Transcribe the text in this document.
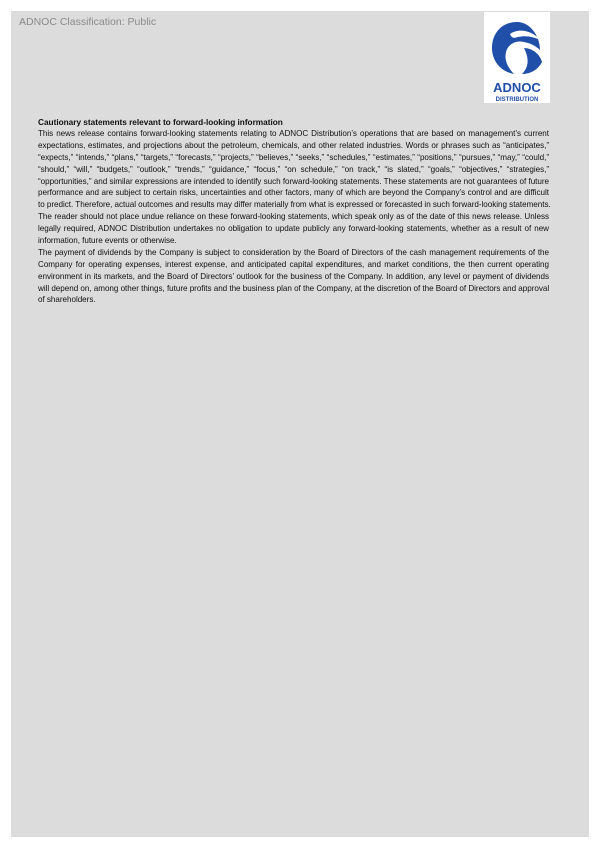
ADNOC Classification: Public
ADNOC
DISTRIBUTION
Cautionary statements relevant to forward-looking information
This news release contains forward-looking statements relating to ADNOC Distribution’s operations that are based on management’s current
expectations, estimates, and projections about the petroleum, chemicals, and other related industries. Words or phrases such as “anticipates,”
“expects,” “intends,” “plans,” “targets,” “forecasts,” “projects,” “believes,” “seeks,” “schedules,” “estimates,” “positions,” “pursues,” “may,” “could,”
“should,” “will,” “budgets,” “outlook,” “trends,” “guidance,” “focus,” “on schedule,” “on track,” “is slated,” “goals,” “objectives,” “strategies,”
“opportunities,” and similar expressions are intended to identify such forward-looking statements. These statements are not guarantees of future
performance and are subject to certain risks, uncertainties and other factors, many of which are beyond the Company’s control and are difficult
to predict. Therefore, actual outcomes and results may differ materially from what is expressed or forecasted in such forward-looking statements.
The reader should not place undue reliance on these forward-looking statements, which speak only as of the date of this news release. Unless
legally required, ADNOC Distribution undertakes no obligation to update publicly any forward-looking statements, whether as a result of new
information, future events or otherwise.
The payment of dividends by the Company is subject to consideration by the Board of Directors of the cash management requirements of the
Company for operating expenses, interest expense, and anticipated capital expenditures, and market conditions, the then current operating
environment in its markets, and the Board of Directors’ outlook for the business of the Company. In addition, any level or payment of dividends
will depend on, among other things, future profits and the business plan of the Company, at the discretion of the Board of Directors and approval
of shareholders.
